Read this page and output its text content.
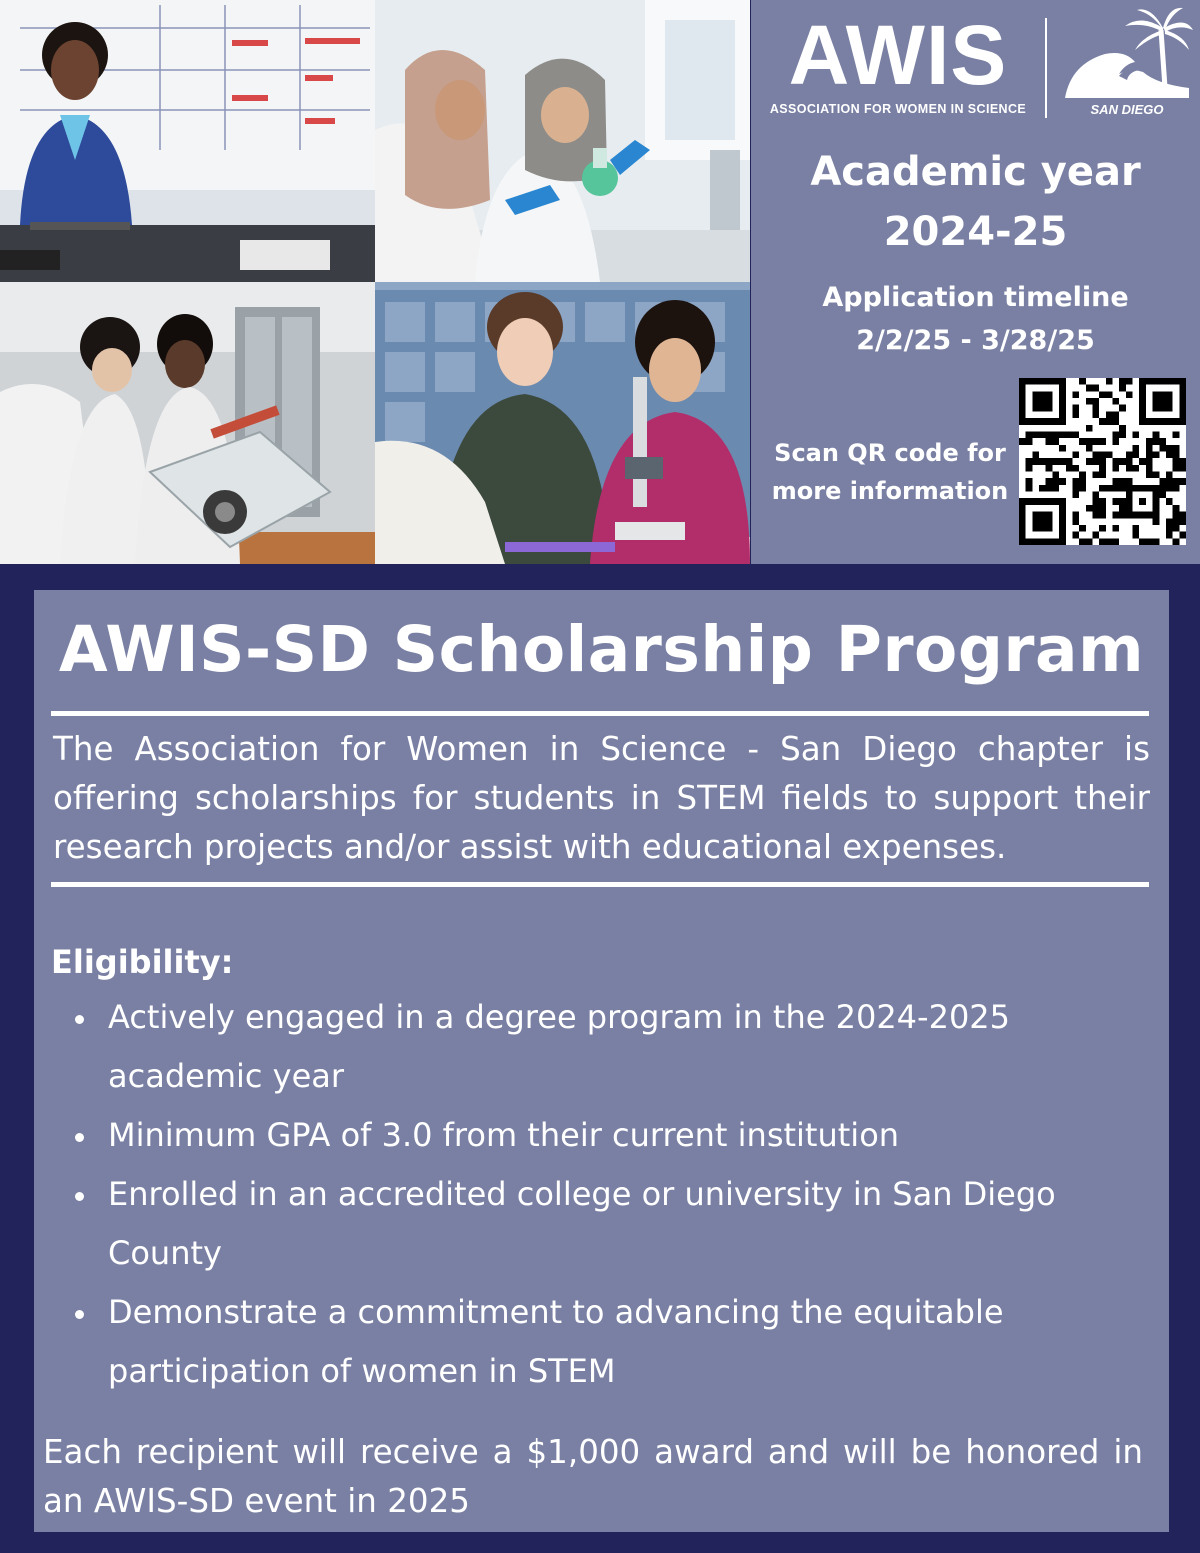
AWIS
ASSOCIATION FOR WOMEN IN SCIENCE	SAN DIEGO
Academic year
2024-25
Application timeline
2/2/25 - 3/28/25
Scan QR code for
more information
AWIS-SD Scholarship Program
The Association for Women in Science - San Diego chapter is offering scholarships for students in STEM fields to support their research projects and/or assist with educational expenses.
Eligibility:
Actively engaged in a degree program in the 2024-2025 academic year
Minimum GPA of 3.0 from their current institution
Enrolled in an accredited college or university in San Diego County
Demonstrate a commitment to advancing the equitable participation of women in STEM
Each recipient will receive a $1,000 award and will be honored in an AWIS-SD event in 2025
